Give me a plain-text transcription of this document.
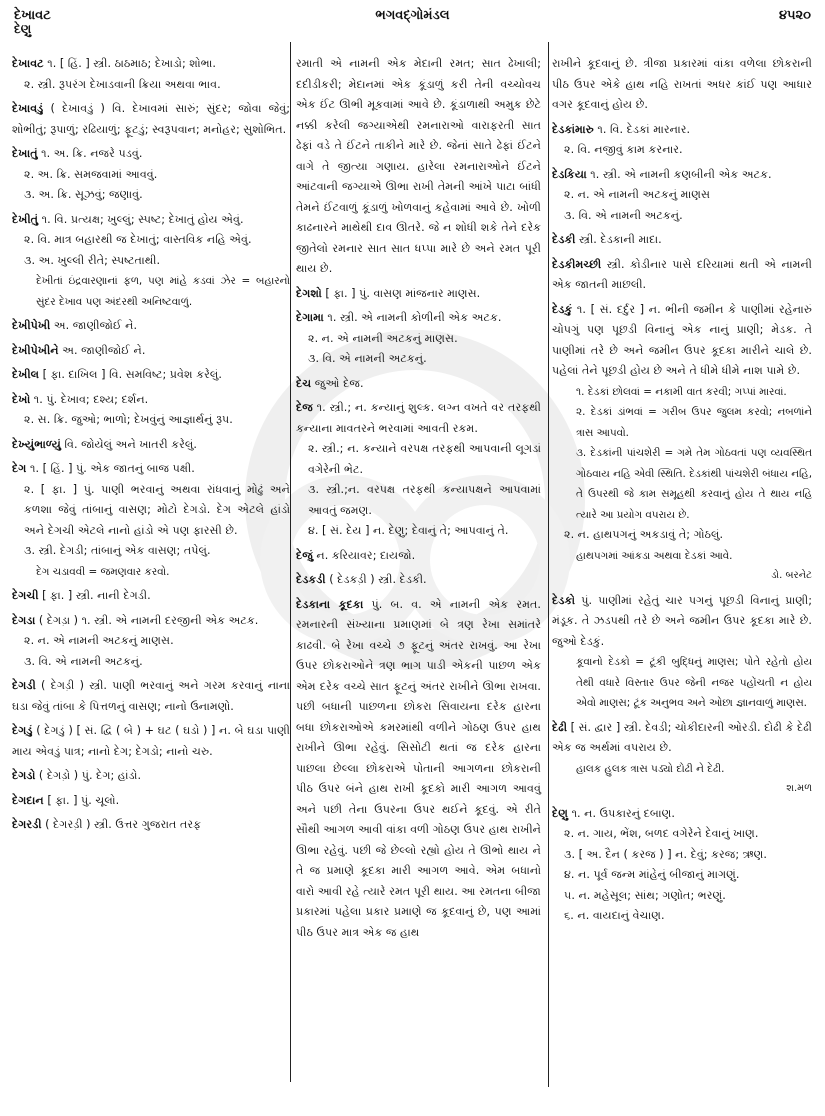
દેખાવટ
દેણુ
ભગવદ્ગોમંડલ	૪૫૨૦

દેખાવટ ૧. [ હિં. ] સ્ત્રી. ઠાઠમાઠ; દેખાડો; શોભા.

૨. સ્ત્રી. રૂપરંગ દેખાડવાની ક્રિયા અથવા ભાવ.

દેખાવડું ( દેખાવડું ) વિ. દેખાવમાં સારું; સુંદર; જોવા જેવું; શોભીતું; રૂપાળું; રઢિયાળું; ફૂટડું; સ્વરૂપવાન; મનોહર; સુશોભિત.

દેખાતું ૧. અ. ક્રિ. નજરે પડવું.

૨. અ. ક્રિ. સમજવામાં આવવું.

૩. અ. ક્રિ. સૂઝવું; જણાવું.

દેખીતું ૧. વિ. પ્રત્યક્ષ; ખુલ્લું; સ્પષ્ટ; દેખાતું હોય એવું.

૨. વિ. માત્ર બહારથી જ દેખાતું; વાસ્તવિક નહિ એવું.

૩. અ. ખુલ્લી રીતે; સ્પષ્ટતાથી.

દેખીતાં ઇંદ્રવારણાનાં ફળ, પણ માંહે કડવાં ઝેર = બહારનો સુંદર દેખાવ પણ અંદરથી અનિષ્ટવાળું.

દેખીપેખી અ. જાણીજોઈ ને.

દેખીપેખીને અ. જાણીજોઈ ને.

દેખીલ [ ફા. દાખિલ ] વિ. સમવિષ્ટ; પ્રવેશ કરેલું.

દેખો ૧. પું. દેખાવ; દશ્ય; દર્શન.

૨. સ. ક્રિ. જુઓ; ભાળો; દેખવુંનું આજ્ઞાર્થનું રૂપ.

દેખ્યુંભાળ્યું વિ. જોયેલું અને ખાતરી કરેલું.

દેગ ૧. [ હિં. ] પું. એક જાતનું બાજ પક્ષી.

૨. [ ફા. ] પું. પાણી ભરવાનું અથવા રાંધવાનું મોઢું અને કળશા જેવું તાંબાનું વાસણ; મોટો દેગડો. દેગ એટલે હાંડો અને દેગચી એટલે નાનો હાંડો એ પણ ફારસી છે.

૩. સ્ત્રી. દેગડી; તાંબાનું એક વાસણ; તપેલું.

દેગ ચડાવવી = જમણવાર કરવો.

દેગચી [ ફા. ] સ્ત્રી. નાની દેગડી.

દેગડા ( દેગડ઼ા ) ૧. સ્ત્રી. એ નામની દરજીની એક અટક.

૨. ન. એ નામની અટકનું માણસ.

૩. વિ. એ નામની અટકનું.

દેગડી ( દેગડ઼ી ) સ્ત્રી. પાણી ભરવાનું અને ગરમ કરવાનું નાના ઘડા જેવું તાંબા કે પિત્તળનું વાસણ; નાનો ઉનામણો.

દેગડું ( દેગડું ) [ સં. દ્વિ ( બે ) + ઘટ ( ઘડો ) ] ન. બે ઘડા પાણી માય એવડું પાત્ર; નાનો દેગ; દેગડો; નાનો ચરુ.

દેગડો ( દેગડ઼ો ) પું. દેગ; હાંડો.

દેગદાન [ ફા. ] પું. ચૂલો.

દેગરડી ( દેગરડ઼ી ) સ્ત્રી. ઉત્તર ગુજરાત તરફ

રમાતી એ નામની એક મેદાની રમત; સાત ઢેખાલી; દદીડીકરી; મેદાનમાં એક કૂંડાળું કરી તેની વચ્ચોવચ એક ઈંટ ઊભી મૂકવામાં આવે છે. કૂંડાળાથી અમુક છેટે નક્કી કરેલી જગ્યાએથી રમનારાઓ વારાફરતી સાત ઢેફાં વડે તે ઈંટને તાકીને મારે છે. જેનાં સાતે ઢેફાં ઈંટને વાગે તે જીત્યા ગણાય. હારેલા રમનારાઓને ઈંટને આંટવાની જગ્યાએ ઊભા રાખી તેમની આંખે પાટા બાંધી તેમને ઈંટવાળું કૂંડાળું ખોળવાનું કહેવામાં આવે છે. ખોળી કાઢનારને માથેથી દાવ ઊતરે. જે ન શોધી શકે તેને દરેક જીતેલો રમનાર સાત સાત ધપ્પા મારે છે અને રમત પૂરી થાય છે.

દેગશો [ ફા. ] પું. વાસણ માંજનાર માણસ.

દેગામા ૧. સ્ત્રી. એ નામની કોળીની એક અટક.

૨. ન. એ નામની અટકનું માણસ.

૩. વિ. એ નામની અટકનું.

દેચ જુઓ દેજ.

દેજ ૧. સ્ત્રી.; ન. કન્યાનું શુલ્ક. લગ્ન વખતે વર તરફથી કન્યાના માવતરને ભરવામાં આવતી રકમ.

૨. સ્ત્રી.; ન. કન્યાને વરપક્ષ તરફથી આપવાની લૂગડાં વગેરેની ભેટ.

૩. સ્ત્રી.;ન. વરપક્ષ તરફથી કન્યાપક્ષને આપવામાં આવતું જમણ.

૪. [ સં. દેય ] ન. દેણુ; દેવાનું તે; આપવાનું તે.

દેજું ન. કરિયાવર; દાયજો.

દેડકડી ( દેડકડ઼ી ) સ્ત્રી. દેડકી.

દેડકાના કૂદકા પું. બ. વ. એ નામની એક રમત. રમનારની સંખ્યાના પ્રમાણમાં બે ત્રણ રેખા સમાંતરે કાઢવી. બે રેખા વચ્ચે ૭ ફૂટનું અંતર રાખવું. આ રેખા ઉપર છોકરાઓને ત્રણ ભાગ પાડી એકની પાછળ એક એમ દરેક વચ્ચે સાત ફૂટનું અંતર રાખીને ઊભા રાખવા. પછી બધાની પાછળના છોકરા સિવાયના દરેક હારના બધા છોકરાઓએ કમરમાંથી વળીને ગોઠણ ઉપર હાથ રાખીને ઊભા રહેવું. સિસોટી થતાં જ દરેક હારના પાછલા છેલ્લા છોકરાએ પોતાની આગળના છોકરાની પીઠ ઉપર બંને હાથ રાખી કૂદકો મારી આગળ આવવું અને પછી તેના ઉપરના ઉપર થઈને કૂદવું. એ રીતે સૌથી આગળ આવી વાંકા વળી ગોઠણ ઉપર હાથ રાખીને ઊભા રહેવું. પછી જે છેલ્લો રહ્યો હોય તે ઊભો થાય ને તે જ પ્રમાણે કૂદકા મારી આગળ આવે. એમ બધાનો વારો આવી રહે ત્યારે રમત પૂરી થાય. આ રમતના બીજા પ્રકારમાં પહેલા પ્રકાર પ્રમાણે જ કૂદવાનું છે, પણ આમાં પીઠ ઉપર માત્ર એક જ હાથ

રાખીને કૂદવાનું છે. ત્રીજા પ્રકારમાં વાંકા વળેલા છોકરાની પીઠ ઉપર એકે હાથ નહિ રાખતાં અધર કાંઈ પણ આધાર વગર કૂદવાનું હોય છે.

દેડકાંમારુ ૧. વિ. દેડકાં મારનાર.

૨. વિ. નજીવું કામ કરનાર.

દેડકિયા ૧. સ્ત્રી. એ નામની કણબીની એક અટક.

૨. ન. એ નામની અટકનું માણસ

૩. વિ. એ નામની અટકનું.

દેડકી સ્ત્રી. દેડકાની માદા.

દેડકીમચ્છી સ્ત્રી. કોડીનાર પાસે દરિયામાં થતી એ નામની એક જાતની માછલી.

દેડકું ૧. [ સં. દર્દુર ] ન. ભીની જમીન કે પાણીમાં રહેનારું ચોપગું પણ પૂછડી વિનાનું એક નાનું પ્રાણી; મેડક. તે પાણીમાં તરે છે અને જમીન ઉપર કૂદકા મારીને ચાલે છે. પહેલાં તેને પૂછડી હોય છે અને તે ધીમે ધીમે નાશ પામે છે.

૧. દેડકાં છોલવાં = નકામી વાત કરવી; ગપ્પાં મારવાં.

૨. દેડકાં ડાંભવાં = ગરીબ ઉપર જુલમ કરવો; નબળાંને ત્રાસ આપવો.

૩. દેડકાંની પાંચશેરી = ગમે તેમ ગોઠવતાં પણ વ્યવસ્થિત ગોઠવાય નહિ એવી સ્થિતિ. દેડકાંથી પાંચશેરી બંધાય નહિ, તે ઉપરથી જે કામ સમૂહથી કરવાનું હોય તે થાય નહિ ત્યારે આ પ્રયોગ વપરાય છે.

૨. ન. હાથપગનું અકડાવું તે; ગોઠલું.

હાથપગમાં આંકડા અથવા દેડકાં આવે.

ડો. બરનેટ

દેડકો પું. પાણીમાં રહેતું ચાર પગનું પૂછડી વિનાનું પ્રાણી; મંડૂક. તે ઝડપથી તરે છે અને જમીન ઉપર કૂદકા મારે છે. જુઓ દેડકું.

કૂવાનો દેડકો = ટૂંકી બુદ્ધિનું માણસ; પોતે રહેતો હોય તેથી વધારે વિસ્તાર ઉપર જેની નજર પહોંચતી ન હોય એવો માણસ; ટૂંક અનુભવ અને ઓછા જ્ઞાનવાળું માણસ.

દેઢી [ સં. દ્વાર ] સ્ત્રી. દેવડી; ચોકીદારની ઓરડી. દોઢી કે દેઢી એક જ અર્થમાં વપરાય છે.

હાલક હુલક ત્રાસ પડ્યો દોઢી ને દેઢી.

શ.મળ

દેણુ ૧. ન. ઉપકારનું દબાણ.

૨. ન. ગાય, ભેંશ, બળદ વગેરેને દેવાનું ખાણ.

૩. [ અ. દૈન ( કરજ ) ] ન. દેવું; કરજ; ઋણ.

૪. ન. પૂર્વ જન્મ માંહેનું બીજાનું માગણું.

૫. ન. મહેસૂલ; સાંથ; ગણોત; ભરણું.

૬. ન. વાયદાનું વેચાણ.
